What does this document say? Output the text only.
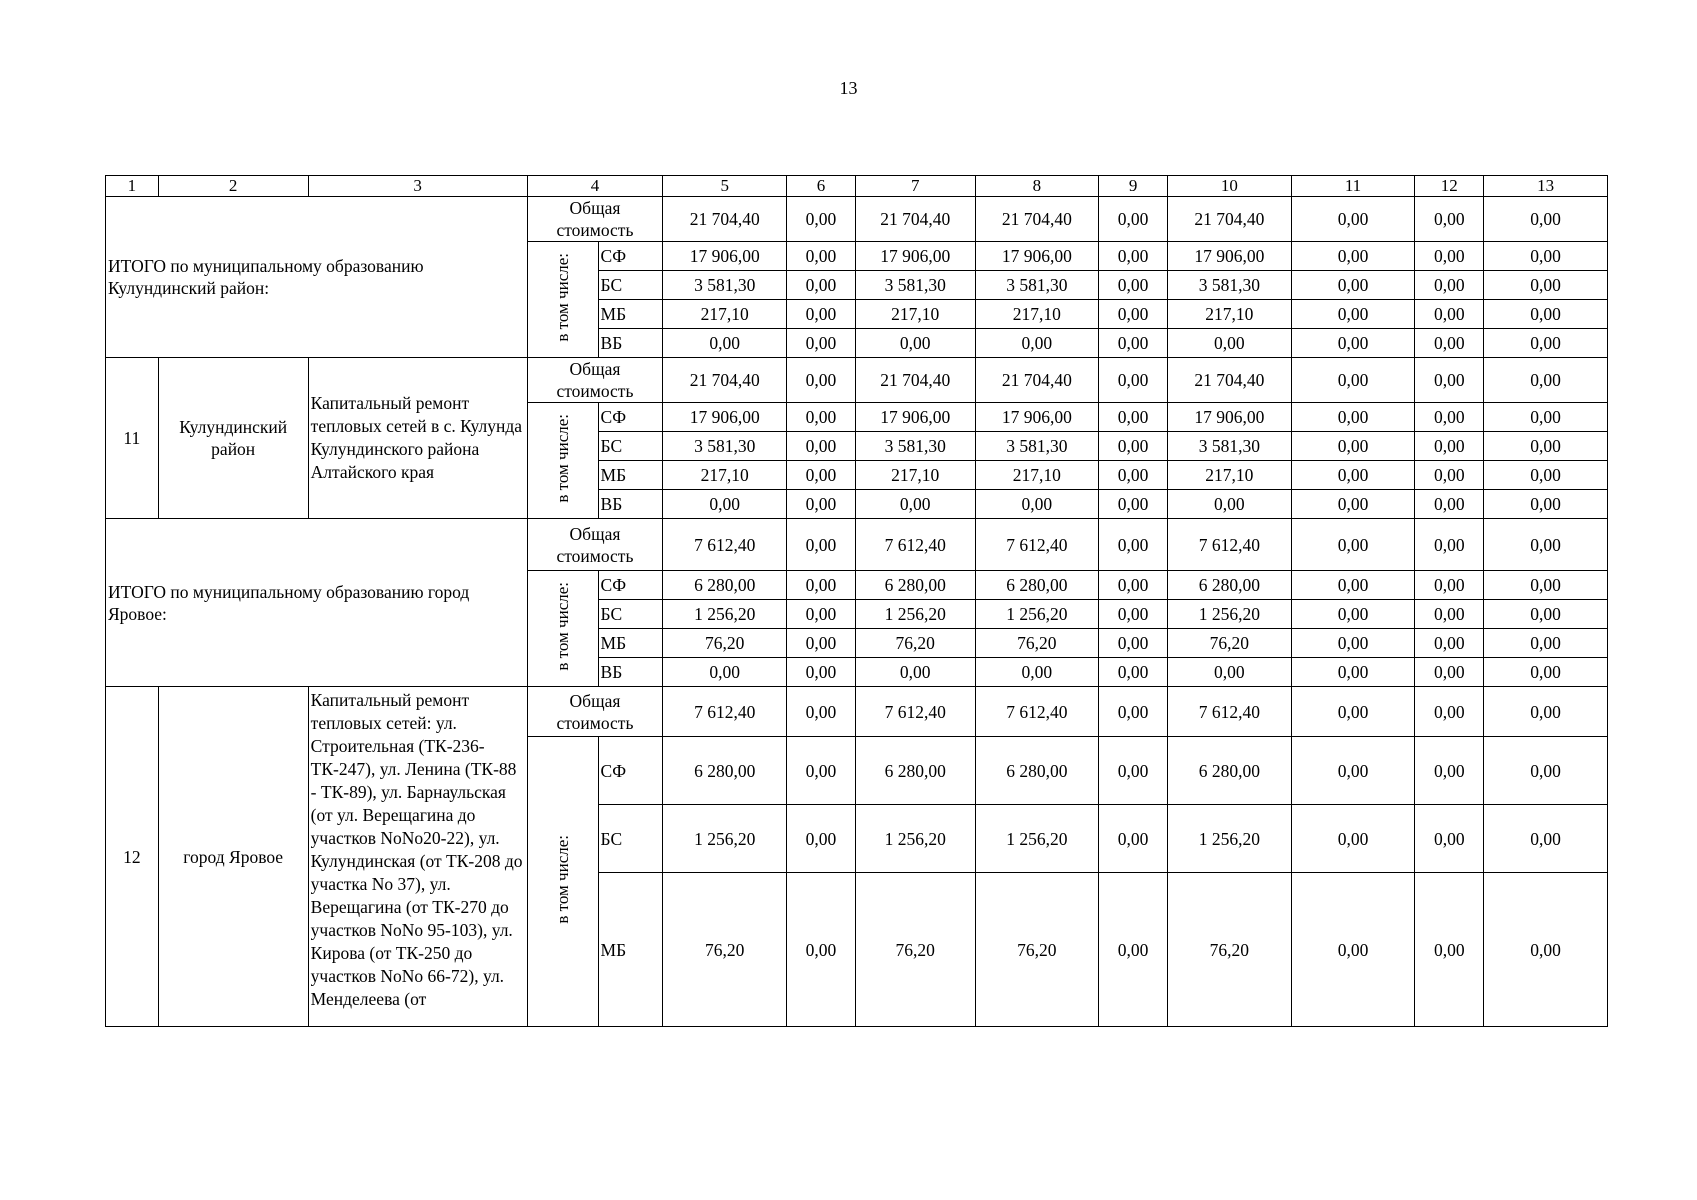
13
1	2	3	4		5	6	7	8	9	10	11	12	13
ИТОГО по муниципальному образованию Кулундинский район:			Общая стоимость		21 704,40	0,00	21 704,40	21 704,40	0,00	21 704,40	0,00	0,00	0,00
			в том числе:	СФ	17 906,00	0,00	17 906,00	17 906,00	0,00	17 906,00	0,00	0,00	0,00
				БС	3 581,30	0,00	3 581,30	3 581,30	0,00	3 581,30	0,00	0,00	0,00
				МБ	217,10	0,00	217,10	217,10	0,00	217,10	0,00	0,00	0,00
				ВБ	0,00	0,00	0,00	0,00	0,00	0,00	0,00	0,00	0,00
11	Кулундинский район	Капитальный ремонт тепловых сетей в с. Кулунда Кулундинского района Алтайского края	Общая стоимость		21 704,40	0,00	21 704,40	21 704,40	0,00	21 704,40	0,00	0,00	0,00
			в том числе:	СФ	17 906,00	0,00	17 906,00	17 906,00	0,00	17 906,00	0,00	0,00	0,00
				БС	3 581,30	0,00	3 581,30	3 581,30	0,00	3 581,30	0,00	0,00	0,00
				МБ	217,10	0,00	217,10	217,10	0,00	217,10	0,00	0,00	0,00
				ВБ	0,00	0,00	0,00	0,00	0,00	0,00	0,00	0,00	0,00
ИТОГО по муниципальному образованию город Яровое:			Общая стоимость		7 612,40	0,00	7 612,40	7 612,40	0,00	7 612,40	0,00	0,00	0,00
			в том числе:	СФ	6 280,00	0,00	6 280,00	6 280,00	0,00	6 280,00	0,00	0,00	0,00
				БС	1 256,20	0,00	1 256,20	1 256,20	0,00	1 256,20	0,00	0,00	0,00
				МБ	76,20	0,00	76,20	76,20	0,00	76,20	0,00	0,00	0,00
				ВБ	0,00	0,00	0,00	0,00	0,00	0,00	0,00	0,00	0,00
12	город Яровое	Капитальный ремонт тепловых сетей: ул. Строительная (ТК-236-ТК-247), ул. Ленина (ТК-88 - ТК-89), ул. Барнаульская (от ул. Верещагина до участков NoNo20-22), ул. Кулундинская (от ТК-208 до участка No 37), ул. Верещагина (от ТК-270 до участков NoNo 95-103), ул. Кирова (от ТК-250 до участков NoNo 66-72), ул. Менделеева (от	Общая стоимость		7 612,40	0,00	7 612,40	7 612,40	0,00	7 612,40	0,00	0,00	0,00
			в том числе:	СФ	6 280,00	0,00	6 280,00	6 280,00	0,00	6 280,00	0,00	0,00	0,00
				БС	1 256,20	0,00	1 256,20	1 256,20	0,00	1 256,20	0,00	0,00	0,00
				МБ	76,20	0,00	76,20	76,20	0,00	76,20	0,00	0,00	0,00
